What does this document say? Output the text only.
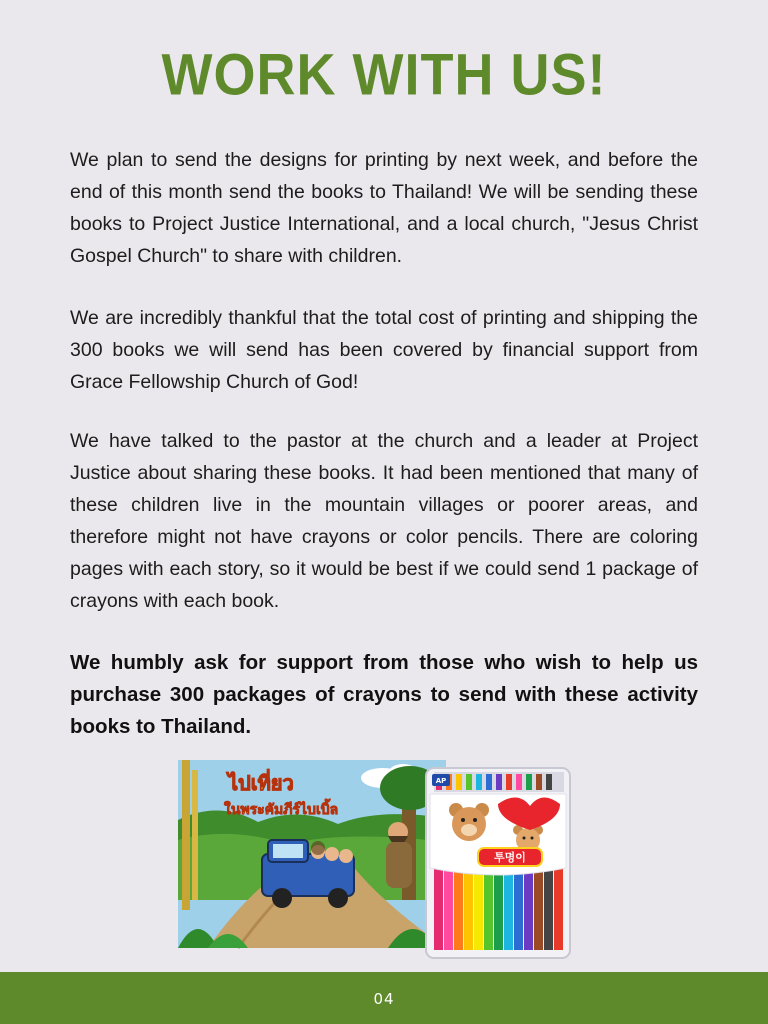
WORK WITH US!

We plan to send the designs for printing by next week, and before the end of this month send the books to Thailand! We will be sending these books to Project Justice International, and a local church, "Jesus Christ Gospel Church" to share with children.

We are incredibly thankful that the total cost of printing and shipping the 300 books we will send has been covered by financial support from Grace Fellowship Church of God!

We have talked to the pastor at the church and a leader at Project Justice about sharing these books. It had been mentioned that many of these children live in the mountain villages or poorer areas, and therefore might not have crayons or color pencils. There are coloring pages with each story, so it would be best if we could send 1 package of crayons with each book.

We humbly ask for support from those who wish to help us purchase 300 packages of crayons to send with these activity books to Thailand.

ไปเที่ยว
ในพระคัมภีร์ไบเบิ้ล
AP
투명이
04
